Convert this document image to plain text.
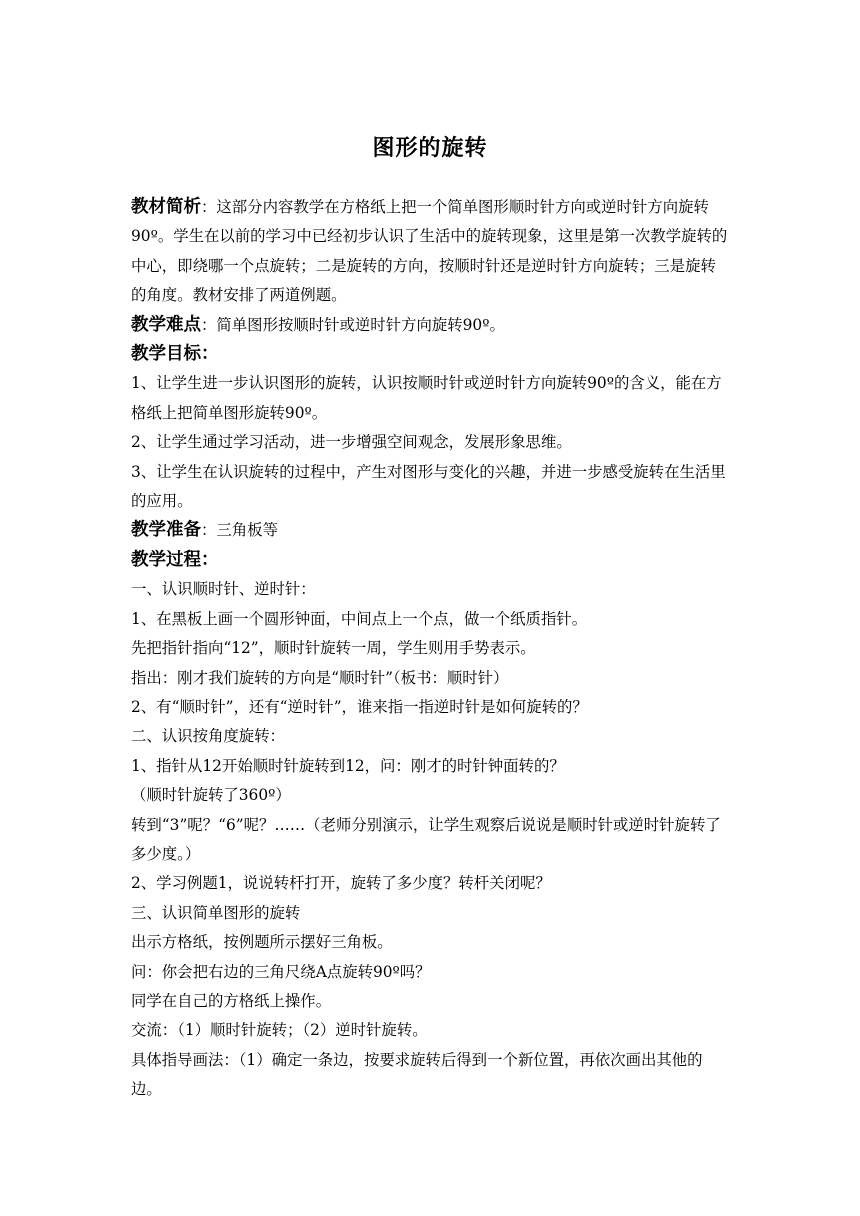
图形的旋转

教材简析：这部分内容教学在方格纸上把一个简单图形顺时针方向或逆时针方向旋转90º。学生在以前的学习中已经初步认识了生活中的旋转现象，这里是第一次教学旋转的中心，即绕哪一个点旋转；二是旋转的方向，按顺时针还是逆时针方向旋转；三是旋转的角度。教材安排了两道例题。

教学难点：简单图形按顺时针或逆时针方向旋转90º。

教学目标：

1、让学生进一步认识图形的旋转，认识按顺时针或逆时针方向旋转90º的含义，能在方格纸上把简单图形旋转90º。

2、让学生通过学习活动，进一步增强空间观念，发展形象思维。

3、让学生在认识旋转的过程中，产生对图形与变化的兴趣，并进一步感受旋转在生活里的应用。

教学准备：三角板等

教学过程：

一、认识顺时针、逆时针：

1、在黑板上画一个圆形钟面，中间点上一个点，做一个纸质指针。

先把指针指向“12”，顺时针旋转一周，学生则用手势表示。

指出：刚才我们旋转的方向是“顺时针”（板书：顺时针）

2、有“顺时针”，还有“逆时针”，谁来指一指逆时针是如何旋转的？

二、认识按角度旋转：

1、指针从12开始顺时针旋转到12，问：刚才的时针钟面转的？

（顺时针旋转了360º）

转到“3”呢？“6”呢？……（老师分别演示，让学生观察后说说是顺时针或逆时针旋转了多少度。）

2、学习例题1，说说转杆打开，旋转了多少度？转杆关闭呢？

三、认识简单图形的旋转

出示方格纸，按例题所示摆好三角板。

问：你会把右边的三角尺绕A点旋转90º吗？

同学在自己的方格纸上操作。

交流：（1）顺时针旋转；（2）逆时针旋转。

具体指导画法：（1）确定一条边，按要求旋转后得到一个新位置，再依次画出其他的边。
